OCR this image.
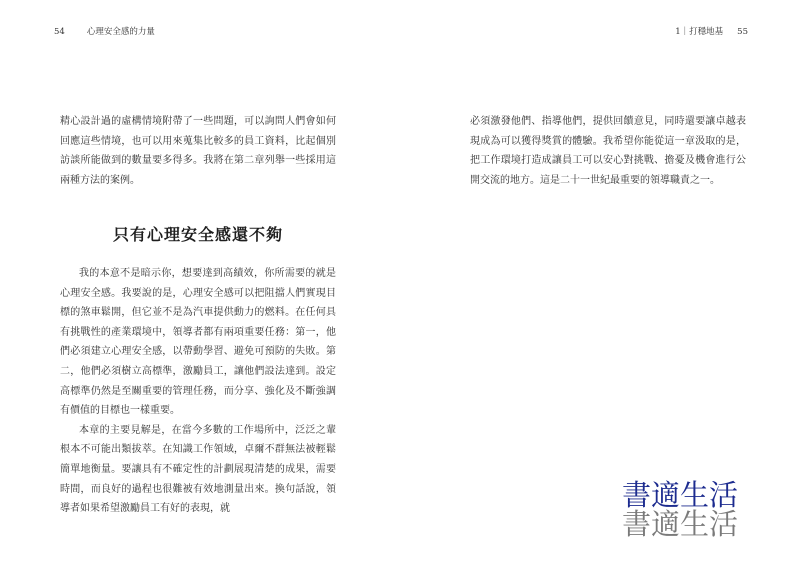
54	心理安全感的力量

精心設計過的虛構情境附帶了一些問題，可以詢問人們會如何回應這些情境，也可以用來蒐集比較多的員工資料，比起個別訪談所能做到的數量要多得多。我將在第二章列舉一些採用這兩種方法的案例。

只有心理安全感還不夠

我的本意不是暗示你，想要達到高績效，你所需要的就是心理安全感。我要說的是，心理安全感可以把阻擋人們實現目標的煞車鬆開，但它並不是為汽車提供動力的燃料。在任何具有挑戰性的產業環境中，領導者都有兩項重要任務：第一，他們必須建立心理安全感，以帶動學習、避免可預防的失敗。第二，他們必須樹立高標準，激勵員工，讓他們設法達到。設定高標準仍然是至關重要的管理任務，而分享、強化及不斷強調有價值的目標也一樣重要。

本章的主要見解是，在當今多數的工作場所中，泛泛之輩根本不可能出類拔萃。在知識工作領域，卓爾不群無法被輕鬆簡單地衡量。要讓具有不確定性的計劃展現清楚的成果，需要時間，而良好的過程也很難被有效地測量出來。換句話說，領導者如果希望激勵員工有好的表現，就

1｜打穩地基 55

必須激發他們、指導他們，提供回饋意見，同時還要讓卓越表現成為可以獲得獎賞的體驗。我希望你能從這一章汲取的是，把工作環境打造成讓員工可以安心對挑戰、擔憂及機會進行公開交流的地方。這是二十一世紀最重要的領導職責之一。

書適生活
書適生活
